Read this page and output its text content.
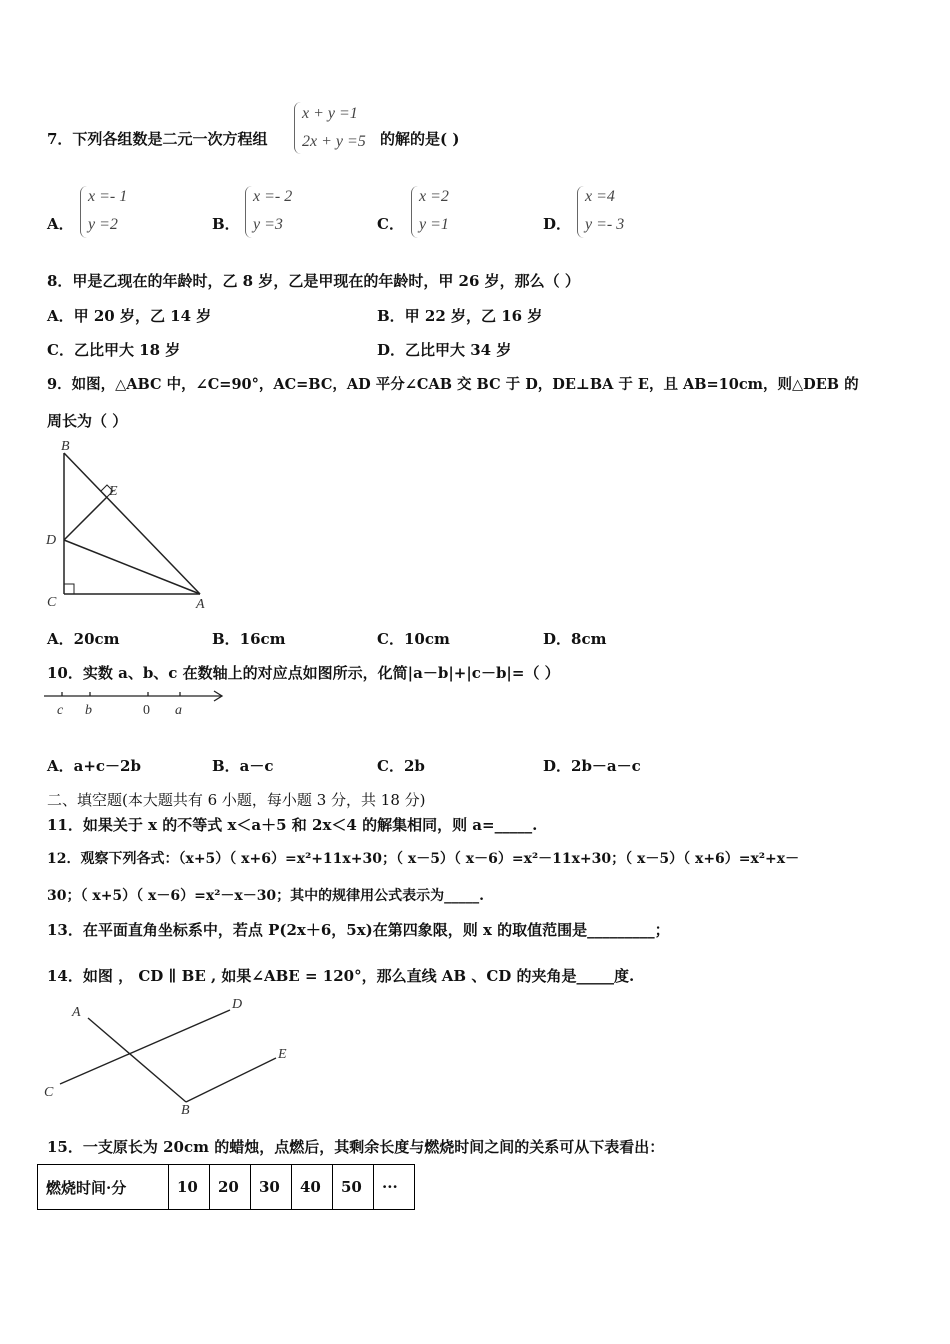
7．下列各组数是二元一次方程组
x + y =1
2x + y =5 的解的是( )
A．
x =- 1
y =2	B．
x =- 2
y =3	C．
x =2
y =1	D．
x =4
y =- 3
8．甲是乙现在的年龄时，乙 8 岁，乙是甲现在的年龄时，甲 26 岁，那么（ ）
A．甲 20 岁，乙 14 岁	B．甲 22 岁，乙 16 岁
C．乙比甲大 18 岁	D．乙比甲大 34 岁
9．如图，△ABC 中，∠C=90°，AC=BC，AD 平分∠CAB 交 BC 于 D，DE⊥BA 于 E，且 AB=10cm，则△DEB 的
周长为（ ）
B
E
D
C	A
A．20cm	B．16cm	C．10cm	D．8cm
10．实数 a、b、c 在数轴上的对应点如图所示，化简|a－b|+|c－b|=（ ）
c b	0 a
A．a+c－2b	B．a－c	C．2b	D．2b－a－c
二、填空题(本大题共有 6 小题，每小题 3 分，共 18 分)
11．如果关于 x 的不等式 x＜a＋5 和 2x＜4 的解集相同，则 a=_____.
12．观察下列各式：（x+5）（ x+6）=x²+11x+30；（ x－5）（ x－6）=x²－11x+30；（ x－5）（ x+6）=x²+x－
30；（ x+5）（ x－6）=x²－x－30；其中的规律用公式表示为_____.
13．在平面直角坐标系中，若点 P(2x＋6，5x)在第四象限，则 x 的取值范围是_________；
14．如图 ， CD ∥ BE , 如果∠ABE = 120°，那么直线 AB 、CD 的夹角是_____度.
A
D
E
C
B
15．一支原长为 20cm 的蜡烛，点燃后，其剩余长度与燃烧时间之间的关系可从下表看出：
燃烧时间·分	10	20	30	40	50	···
